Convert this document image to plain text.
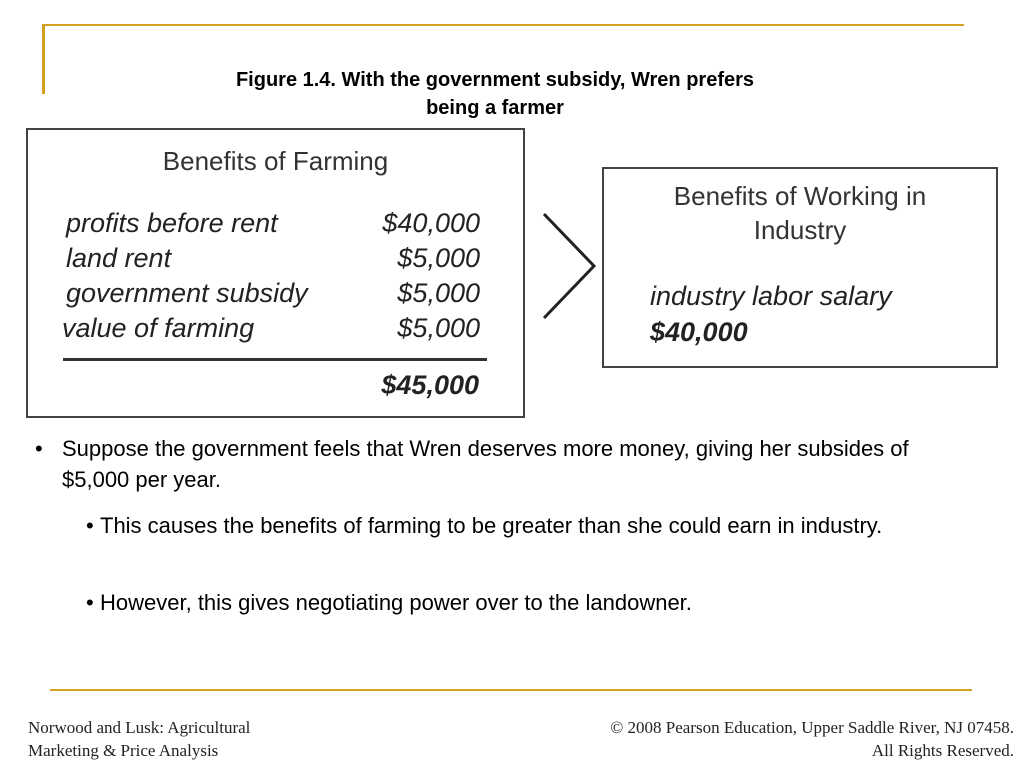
Figure 1.4. With the government subsidy, Wren prefers
being a farmer
Benefits of Farming
profits before rent	$40,000
land rent	$5,000
government subsidy	$5,000
value of farming	$5,000
$45,000
Benefits of Working in
Industry
industry labor salary
$40,000
• Suppose the government feels that Wren deserves more money, giving her subsides of $5,000 per year.
• This causes the benefits of farming to be greater than she could earn in industry.
• However, this gives negotiating power over to the landowner.
Norwood and Lusk: Agricultural
Marketing & Price Analysis
© 2008 Pearson Education, Upper Saddle River, NJ 07458.
All Rights Reserved.
